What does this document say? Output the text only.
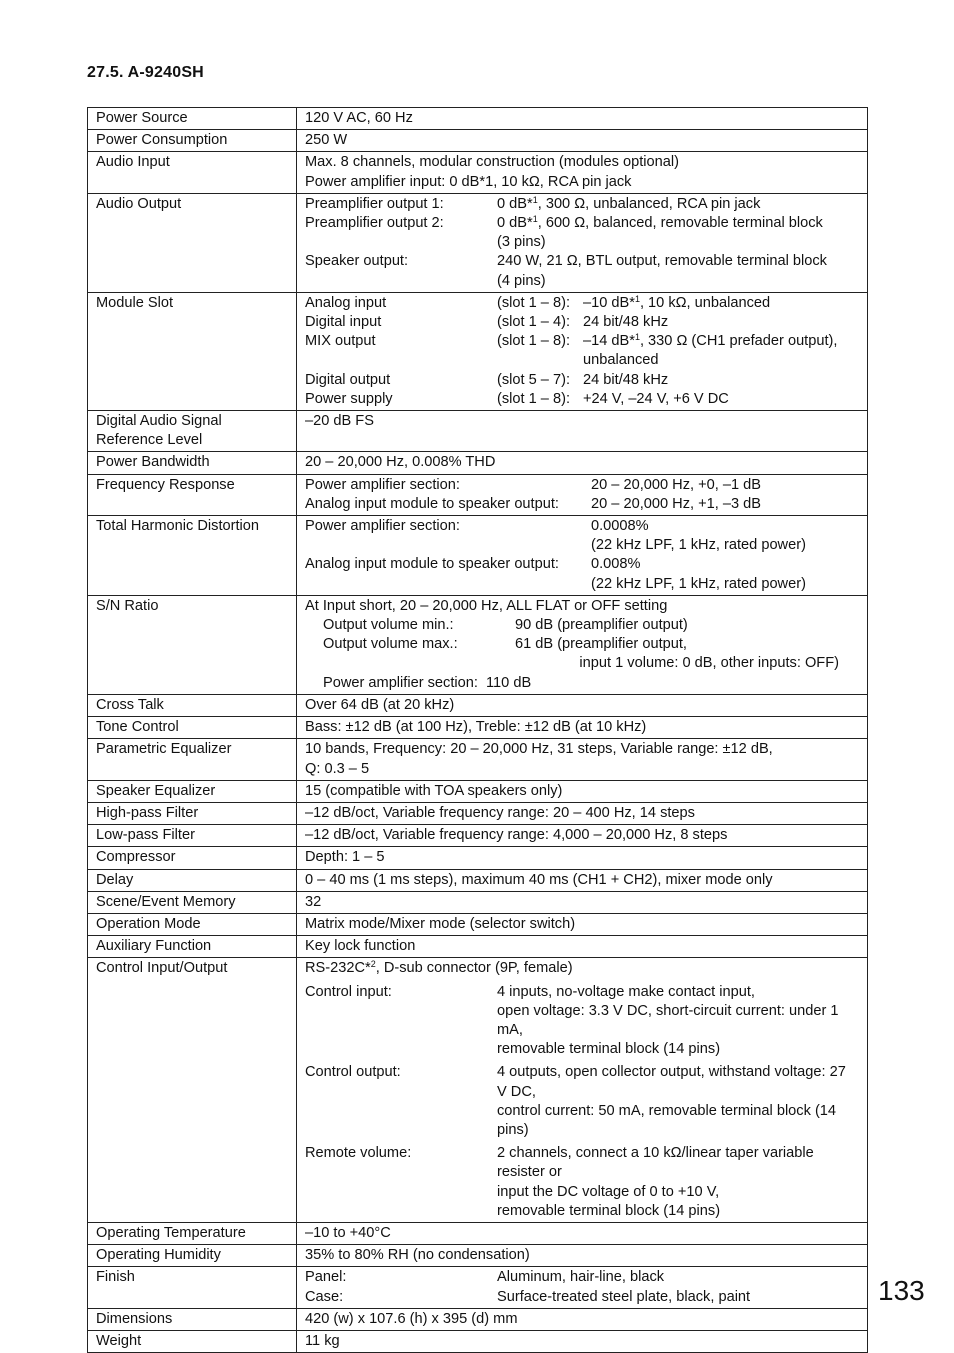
27.5. A-9240SH
Power Source	120 V AC, 60 Hz
Power Consumption	250 W
Audio Input	Max. 8 channels, modular construction (modules optional)
Power amplifier input: 0 dB*1, 10 kΩ, RCA pin jack

Audio Output		Preamplifier output 1:	0 dB*$^1$, 300 Ω, unbalanced, RCA pin jack
Preamplifier output 2:	0 dB*$^1$, 600 Ω, balanced, removable terminal block
(3 pins)
Speaker output:	240 W, 21 Ω, BTL output, removable terminal block
(4 pins)

Module Slot		Analog input	(slot 1 – 8):	–10 dB*$^1$, 10 kΩ, unbalanced
Digital input	(slot 1 – 4):	24 bit/48 kHz
MIX output	(slot 1 – 8):	–14 dB*$^1$, 330 Ω (CH1 prefader output), unbalanced
Digital output	(slot 5 – 7):	24 bit/48 kHz
Power supply	(slot 1 – 8):	+24 V, –24 V, +6 V DC

Digital Audio Signal
Reference Level
	–20 dB FS
Power Bandwidth	20 – 20,000 Hz, 0.008% THD
Frequency Response		Power amplifier section:	20 – 20,000 Hz, +0, –1 dB
Analog input module to speaker output:	20 – 20,000 Hz, +1, –3 dB

Total Harmonic Distortion		Power amplifier section:	0.0008%
(22 kHz LPF, 1 kHz, rated power)
Analog input module to speaker output:	0.008%
(22 kHz LPF, 1 kHz, rated power)

S/N Ratio	At Input short, 20 – 20,000 Hz, ALL FLAT or OFF setting
Output volume min.:	90 dB (preamplifier output)
Output volume max.:	61 dB (preamplifier output,
input 1 volume: 0 dB, other inputs: OFF)
Power amplifier section:  110 dB

Cross Talk	Over 64 dB (at 20 kHz)
Tone Control	Bass: ±12 dB (at 100 Hz), Treble: ±12 dB (at 10 kHz)
Parametric Equalizer	10 bands, Frequency: 20 – 20,000 Hz, 31 steps, Variable range: ±12 dB,
Q: 0.3 – 5

Speaker Equalizer	15 (compatible with TOA speakers only)
High-pass Filter	–12 dB/oct, Variable frequency range: 20 – 400 Hz, 14 steps
Low-pass Filter	–12 dB/oct, Variable frequency range: 4,000 – 20,000 Hz, 8 steps
Compressor	Depth: 1 – 5
Delay	0 – 40 ms (1 ms steps), maximum 40 ms (CH1 + CH2), mixer mode only
Scene/Event Memory	32
Operation Mode	Matrix mode/Mixer mode (selector switch)
Auxiliary Function	Key lock function
Control Input/Output	RS-232C*$^2$, D-sub connector (9P, female)
Control input:	4 inputs, no-voltage make contact input,
open voltage: 3.3 V DC, short-circuit current: under 1 mA,
removable terminal block (14 pins)

Control output:	4 outputs, open collector output, withstand voltage: 27 V DC,
control current: 50 mA, removable terminal block (14 pins)

Remote volume:	2 channels, connect a 10 kΩ/linear taper variable resister or
input the DC voltage of 0 to +10 V,
removable terminal block (14 pins)

Operating Temperature	–10 to +40°C
Operating Humidity	35% to 80% RH (no condensation)
Finish		Panel:	Aluminum, hair-line, black
Case:	Surface-treated steel plate, black, paint

Dimensions	420 (w) x 107.6 (h) x 395 (d) mm
Weight	11 kg
133
